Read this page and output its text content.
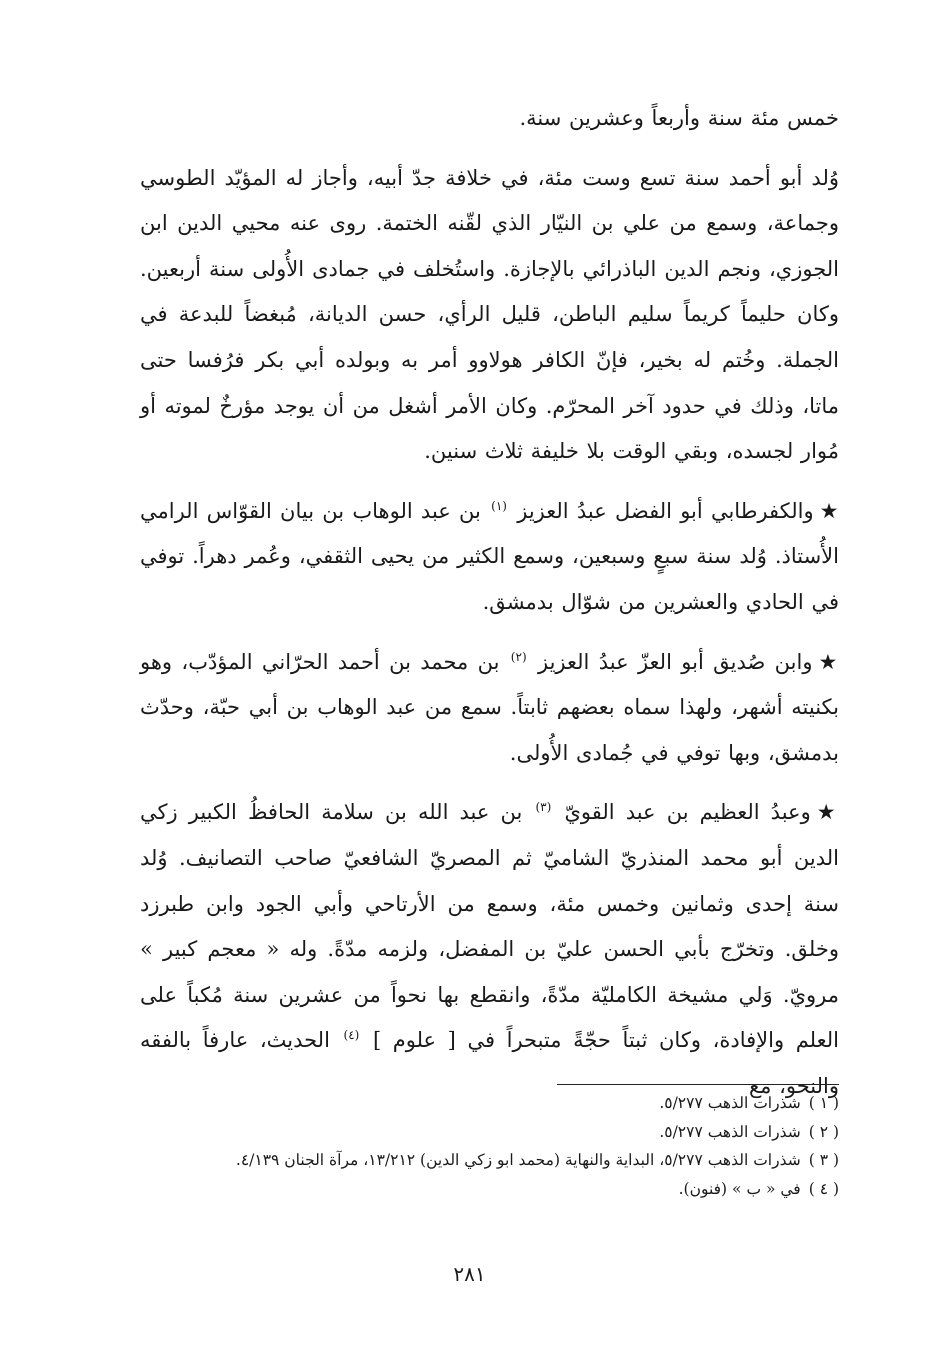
خمس مئة سنة وأربعاً وعشرين سنة.

وُلد أبو أحمد سنة تسع وست مئة، في خلافة جدّ أبيه، وأجاز له المؤيّد الطوسي وجماعة، وسمع من علي بن النيّار الذي لقّنه الختمة. روى عنه محيي الدين ابن الجوزي، ونجم الدين الباذرائي بالإجازة. واستُخلف في جمادى الأُولى سنة أربعين. وكان حليماً كريماً سليم الباطن، قليل الرأي، حسن الديانة، مُبغضاً للبدعة في الجملة. وخُتم له بخير، فإنّ الكافر هولاوو أمر به وبولده أبي بكر فرُفسا حتى ماتا، وذلك في حدود آخر المحرّم. وكان الأمر أشغل من أن يوجد مؤرخٌ لموته أو مُوار لجسده، وبقي الوقت بلا خليفة ثلاث سنين.

★والكفرطابي أبو الفضل عبدُ العزيز $^{(١)}$ بن عبد الوهاب بن بيان القوّاس الرامي الأُستاذ. وُلد سنة سبعٍ وسبعين، وسمع الكثير من يحيى الثقفي، وعُمر دهراً. توفي في الحادي والعشرين من شوّال بدمشق.

★وابن صُديق أبو العزّ عبدُ العزيز $^{(٢)}$ بن محمد بن أحمد الحرّاني المؤدّب، وهو بكنيته أشهر، ولهذا سماه بعضهم ثابتاً. سمع من عبد الوهاب بن أبي حبّة، وحدّث بدمشق، وبها توفي في جُمادى الأُولى.

★وعبدُ العظيم بن عبد القويّ $^{(٣)}$ بن عبد الله بن سلامة الحافظُ الكبير زكي الدين أبو محمد المنذريّ الشاميّ ثم المصريّ الشافعيّ صاحب التصانيف. وُلد سنة إحدى وثمانين وخمس مئة، وسمع من الأرتاحي وأبي الجود وابن طبرزد وخلق. وتخرّج بأبي الحسن عليّ بن المفضل، ولزمه مدّةً. وله « معجم كبير » مرويّ. وَلي مشيخة الكامليّة مدّةً، وانقطع بها نحواً من عشرين سنة مُكباً على العلم والإفادة، وكان ثبتاً حجّةً متبحراً في [ علوم ] $^{(٤)}$ الحديث، عارفاً بالفقه والنحو، مع

( ١ )شذرات الذهب ٥/٢٧٧.

( ٢ )شذرات الذهب ٥/٢٧٧.

( ٣ )شذرات الذهب ٥/٢٧٧، البداية والنهاية (محمد ابو زكي الدين) ١٣/٢١٢، مرآة الجنان ٤/١٣٩.

( ٤ )في « ب » (فنون).

٢٨١
